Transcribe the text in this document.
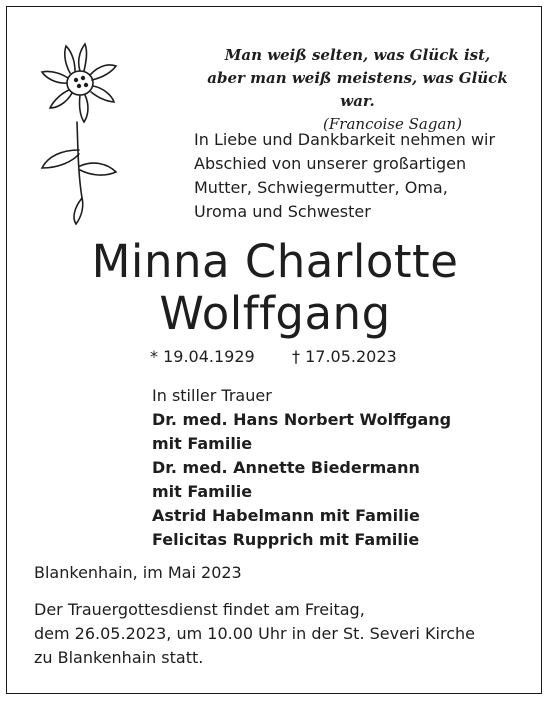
Man weiß selten, was Glück ist,
aber man weiß meistens, was Glück war.
(Francoise Sagan)
In Liebe und Dankbarkeit nehmen wir
Abschied von unserer großartigen
Mutter, Schwiegermutter, Oma,
Uroma und Schwester
Minna Charlotte
Wolffgang
* 19.04.1929 † 17.05.2023
In stiller Trauer
Dr. med. Hans Norbert Wolffgang
mit Familie
Dr. med. Annette Biedermann
mit Familie
Astrid Habelmann mit Familie
Felicitas Rupprich mit Familie
Blankenhain, im Mai 2023
Der Trauergottesdienst findet am Freitag,
dem 26.05.2023, um 10.00 Uhr in der St. Severi Kirche
zu Blankenhain statt.
